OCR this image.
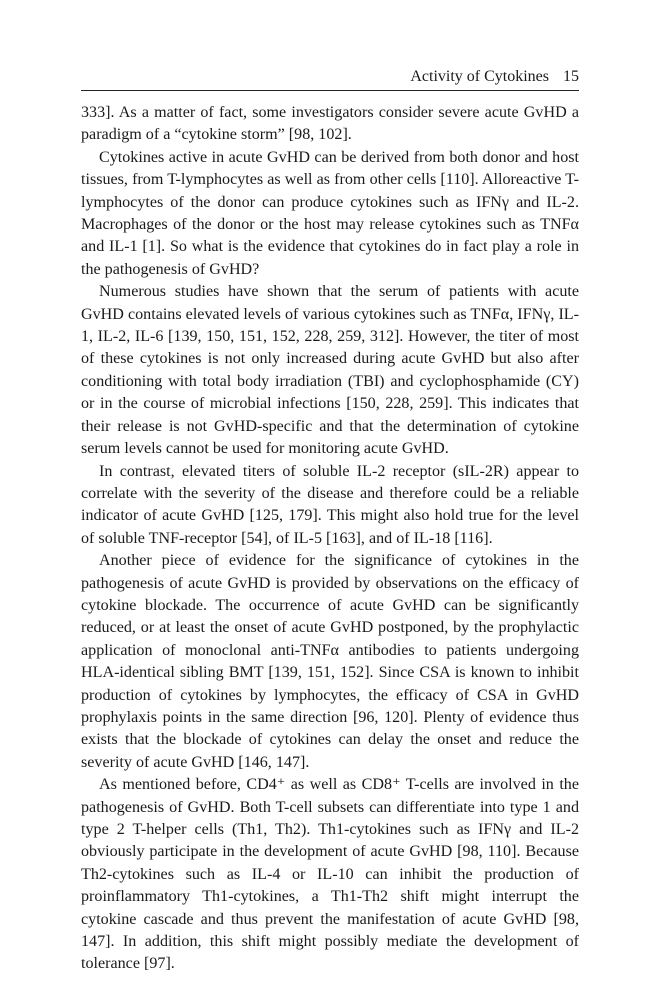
Activity of Cytokines 15

333]. As a matter of fact, some investigators consider severe acute GvHD a paradigm of a “cytokine storm” [98, 102].

Cytokines active in acute GvHD can be derived from both donor and host tissues, from T-lymphocytes as well as from other cells [110]. Alloreactive T-lymphocytes of the donor can produce cytokines such as IFNγ and IL-2. Macrophages of the donor or the host may release cytokines such as TNFα and IL-1 [1]. So what is the evidence that cytokines do in fact play a role in the pathogenesis of GvHD?

Numerous studies have shown that the serum of patients with acute GvHD contains elevated levels of various cytokines such as TNFα, IFNγ, IL-1, IL-2, IL-6 [139, 150, 151, 152, 228, 259, 312]. However, the titer of most of these cytokines is not only increased during acute GvHD but also after conditioning with total body irradiation (TBI) and cyclophosphamide (CY) or in the course of microbial infections [150, 228, 259]. This indicates that their release is not GvHD-specific and that the determination of cytokine serum levels cannot be used for monitoring acute GvHD.

In contrast, elevated titers of soluble IL-2 receptor (sIL-2R) appear to correlate with the severity of the disease and therefore could be a reliable indicator of acute GvHD [125, 179]. This might also hold true for the level of soluble TNF-receptor [54], of IL-5 [163], and of IL-18 [116].

Another piece of evidence for the significance of cytokines in the pathogenesis of acute GvHD is provided by observations on the efficacy of cytokine blockade. The occurrence of acute GvHD can be significantly reduced, or at least the onset of acute GvHD postponed, by the prophylactic application of monoclonal anti-TNFα antibodies to patients undergoing HLA-identical sibling BMT [139, 151, 152]. Since CSA is known to inhibit production of cytokines by lymphocytes, the efficacy of CSA in GvHD prophylaxis points in the same direction [96, 120]. Plenty of evidence thus exists that the blockade of cytokines can delay the onset and reduce the severity of acute GvHD [146, 147].

As mentioned before, CD4⁺ as well as CD8⁺ T-cells are involved in the pathogenesis of GvHD. Both T-cell subsets can differentiate into type 1 and type 2 T-helper cells (Th1, Th2). Th1-cytokines such as IFNγ and IL-2 obviously participate in the development of acute GvHD [98, 110]. Because Th2-cytokines such as IL-4 or IL-10 can inhibit the production of proinflammatory Th1-cytokines, a Th1-Th2 shift might interrupt the cytokine cascade and thus prevent the manifestation of acute GvHD [98, 147]. In addition, this shift might possibly mediate the development of tolerance [97].
